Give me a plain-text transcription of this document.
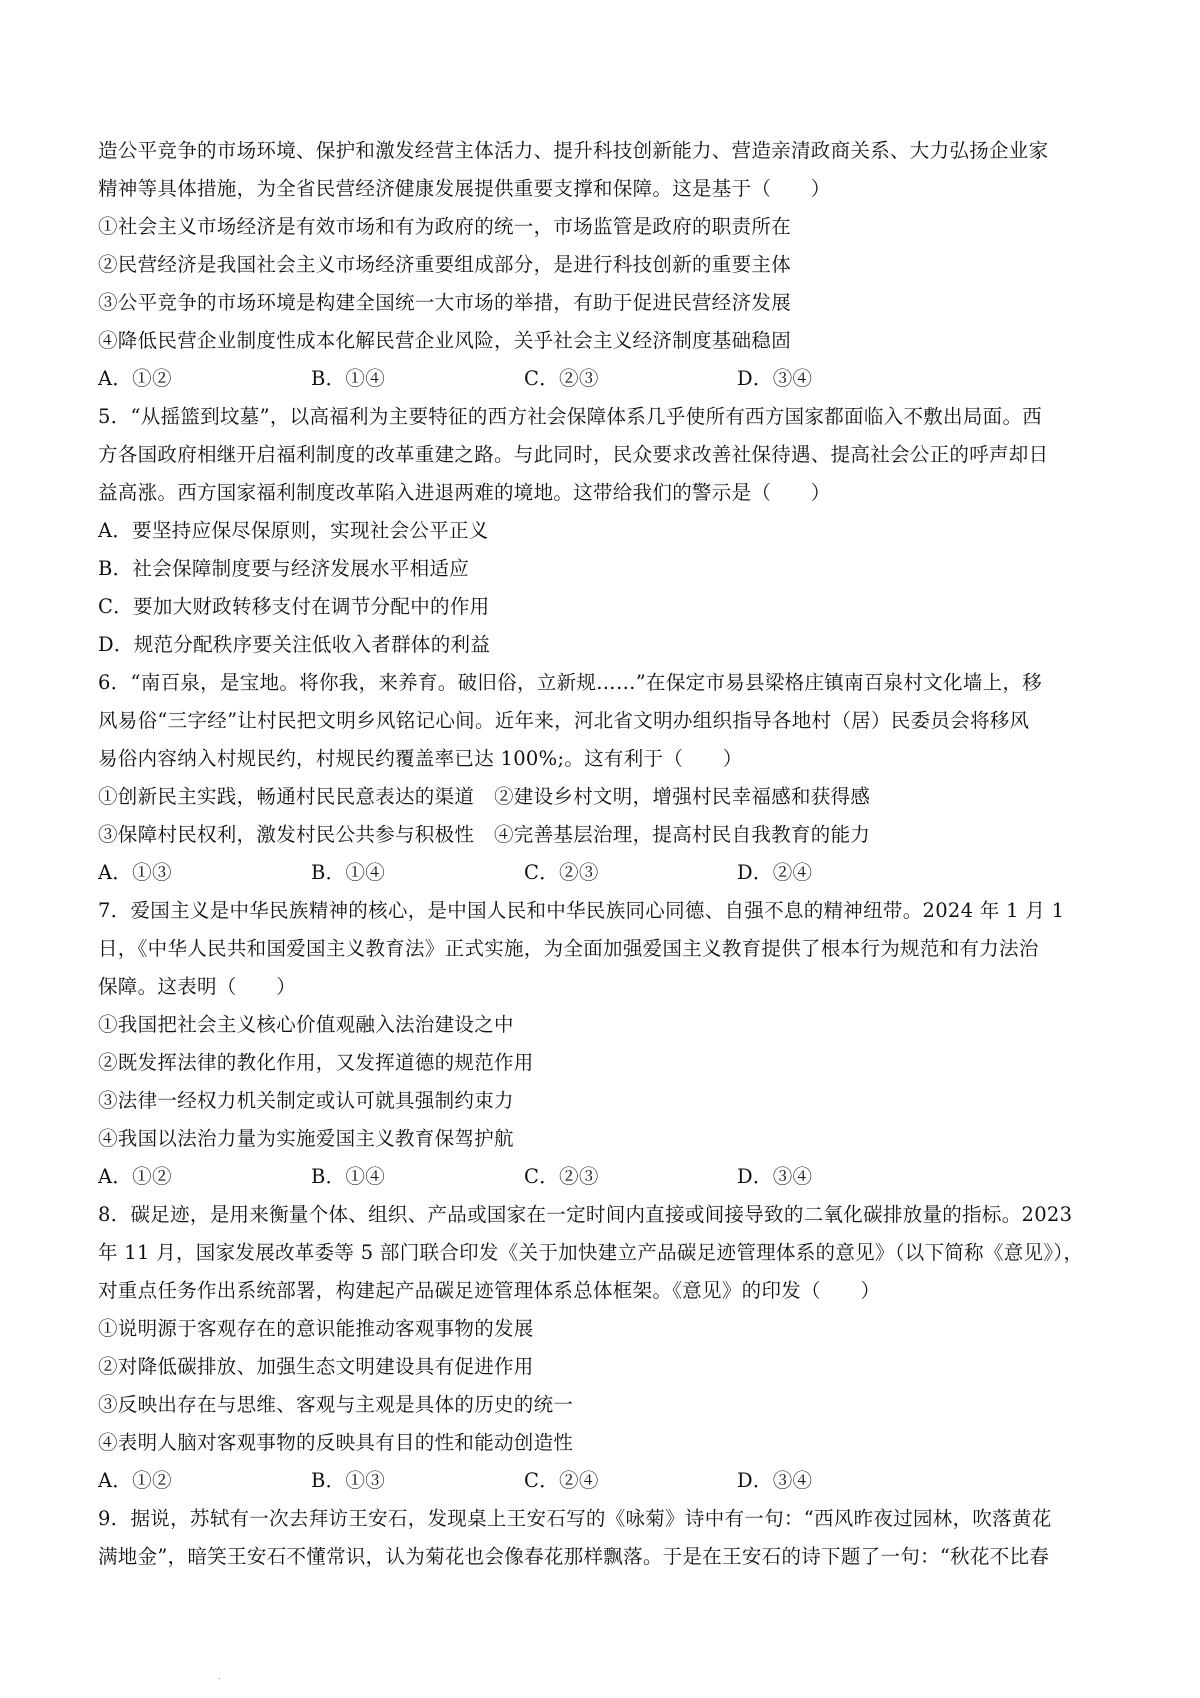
造公平竞争的市场环境、保护和激发经营主体活力、提升科技创新能力、营造亲清政商关系、大力弘扬企业家
精神等具体措施，为全省民营经济健康发展提供重要支撑和保障。这是基于（　　）
①社会主义市场经济是有效市场和有为政府的统一，市场监管是政府的职责所在
②民营经济是我国社会主义市场经济重要组成部分，是进行科技创新的重要主体
③公平竞争的市场环境是构建全国统一大市场的举措，有助于促进民营经济发展
④降低民营企业制度性成本化解民营企业风险，关乎社会主义经济制度基础稳固
A．①②	B．①④	C．②③	D．③④
5．“从摇篮到坟墓”，以高福利为主要特征的西方社会保障体系几乎使所有西方国家都面临入不敷出局面。西
方各国政府相继开启福利制度的改革重建之路。与此同时，民众要求改善社保待遇、提高社会公正的呼声却日
益高涨。西方国家福利制度改革陷入进退两难的境地。这带给我们的警示是（　　）
A．要坚持应保尽保原则，实现社会公平正义
B．社会保障制度要与经济发展水平相适应
C．要加大财政转移支付在调节分配中的作用
D．规范分配秩序要关注低收入者群体的利益
6．“南百泉，是宝地。将你我，来养育。破旧俗，立新规……”在保定市易县梁格庄镇南百泉村文化墙上，移
风易俗“三字经”让村民把文明乡风铭记心间。近年来，河北省文明办组织指导各地村（居）民委员会将移风
易俗内容纳入村规民约，村规民约覆盖率已达 100%;。这有利于（　　）
①创新民主实践，畅通村民民意表达的渠道　②建设乡村文明，增强村民幸福感和获得感
③保障村民权利，激发村民公共参与积极性　④完善基层治理，提高村民自我教育的能力
A．①③	B．①④	C．②③	D．②④
7．爱国主义是中华民族精神的核心，是中国人民和中华民族同心同德、自强不息的精神纽带。2024 年 1 月 1
日，《中华人民共和国爱国主义教育法》正式实施，为全面加强爱国主义教育提供了根本行为规范和有力法治
保障。这表明（　　）
①我国把社会主义核心价值观融入法治建设之中
②既发挥法律的教化作用，又发挥道德的规范作用
③法律一经权力机关制定或认可就具强制约束力
④我国以法治力量为实施爱国主义教育保驾护航
A．①②	B．①④	C．②③	D．③④
8．碳足迹，是用来衡量个体、组织、产品或国家在一定时间内直接或间接导致的二氧化碳排放量的指标。2023
年 11 月，国家发展改革委等 5 部门联合印发《关于加快建立产品碳足迹管理体系的意见》（以下简称《意见》），
对重点任务作出系统部署，构建起产品碳足迹管理体系总体框架。《意见》的印发（　　）
①说明源于客观存在的意识能推动客观事物的发展
②对降低碳排放、加强生态文明建设具有促进作用
③反映出存在与思维、客观与主观是具体的历史的统一
④表明人脑对客观事物的反映具有目的性和能动创造性
A．①②	B．①③	C．②④	D．③④
9．据说，苏轼有一次去拜访王安石，发现桌上王安石写的《咏菊》诗中有一句：“西风昨夜过园林，吹落黄花
满地金”，暗笑王安石不懂常识，认为菊花也会像春花那样飘落。于是在王安石的诗下题了一句：“秋花不比春
.
